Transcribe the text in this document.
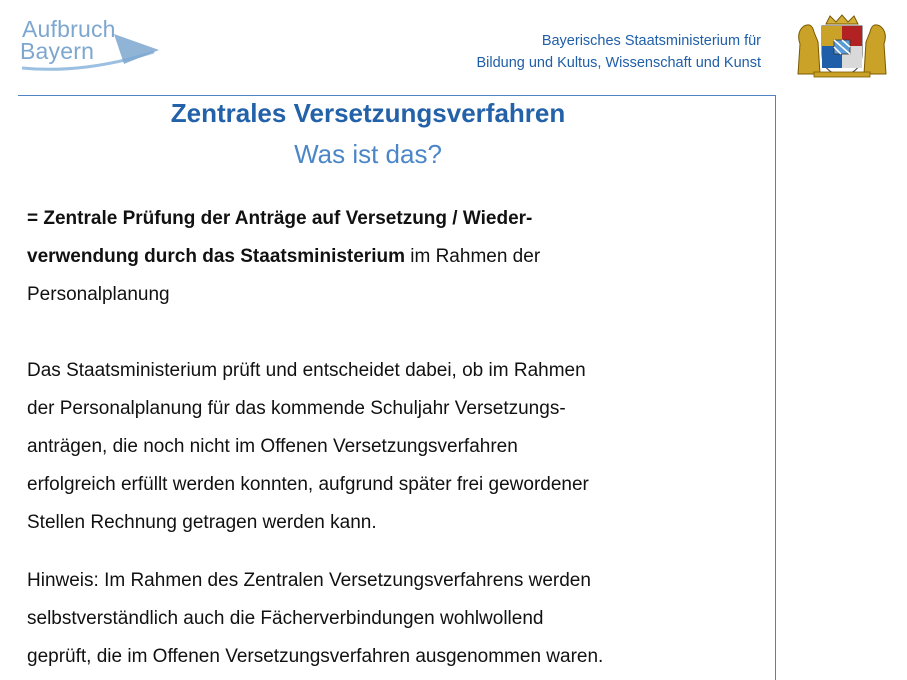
Aufbruch
Bayern	Bayerisches Staatsministerium für
Bildung und Kultus, Wissenschaft und Kunst
Zentrales Versetzungsverfahren
Was ist das?
= Zentrale Prüfung der Anträge auf Versetzung / Wieder-
verwendung durch das Staatsministerium im Rahmen der
Personalplanung
Das Staatsministerium prüft und entscheidet dabei, ob im Rahmen
der Personalplanung für das kommende Schuljahr Versetzungs-
anträgen, die noch nicht im Offenen Versetzungsverfahren
erfolgreich erfüllt werden konnten, aufgrund später frei gewordener
Stellen Rechnung getragen werden kann.
Hinweis: Im Rahmen des Zentralen Versetzungsverfahrens werden
selbstverständlich auch die Fächerverbindungen wohlwollend
geprüft, die im Offenen Versetzungsverfahren ausgenommen waren.
